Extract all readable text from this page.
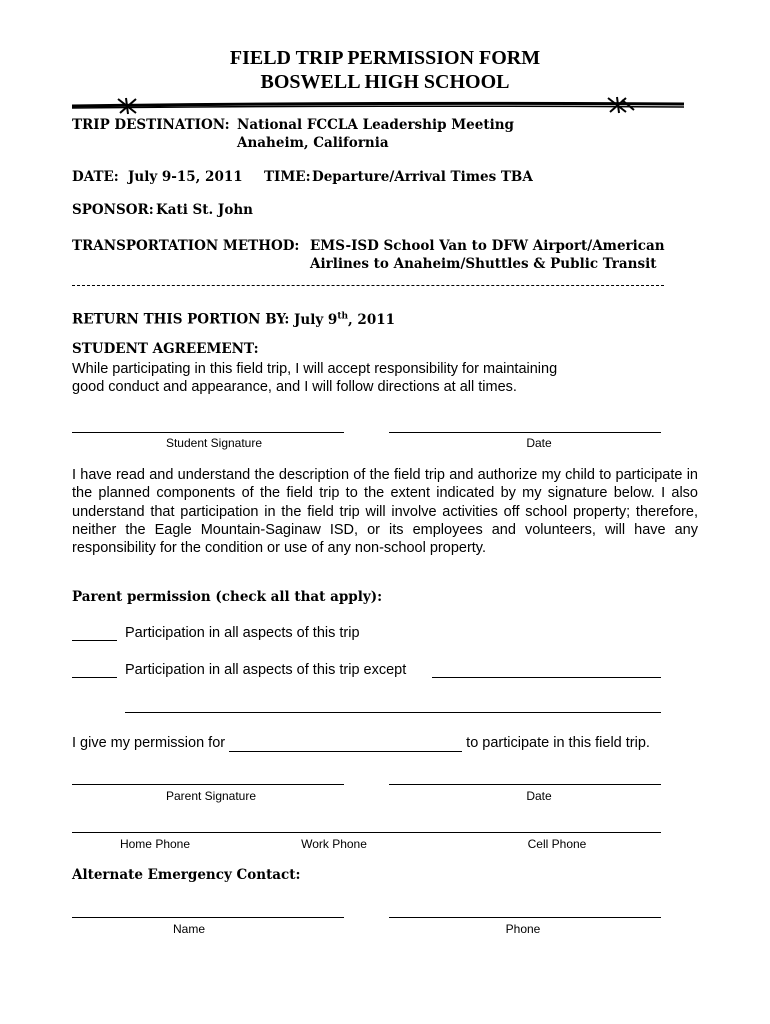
FIELD TRIP PERMISSION FORM
BOSWELL HIGH SCHOOL
TRIP DESTINATION: National FCCLA Leadership Meeting
Anaheim, California
DATE: July 9-15, 2011 TIME: Departure/Arrival Times TBA
SPONSOR: Kati St. John
TRANSPORTATION METHOD: EMS-ISD School Van to DFW Airport/American
Airlines to Anaheim/Shuttles & Public Transit
RETURN THIS PORTION BY: July 9th, 2011
STUDENT AGREEMENT:
While participating in this field trip, I will accept responsibility for maintaining
good conduct and appearance, and I will follow directions at all times.
Student Signature	Date
I have read and understand the description of the field trip and authorize my child to participate in the planned components of the field trip to the extent indicated by my signature below. I also understand that participation in the field trip will involve activities off school property; therefore, neither the Eagle Mountain-Saginaw ISD, or its employees and volunteers, will have any responsibility for the condition or use of any non-school property.
Parent permission (check all that apply):
Participation in all aspects of this trip
Participation in all aspects of this trip except
I give my permission for	to participate in this field trip.
Parent Signature	Date
Home Phone	Work Phone	Cell Phone
Alternate Emergency Contact:
Name	Phone
